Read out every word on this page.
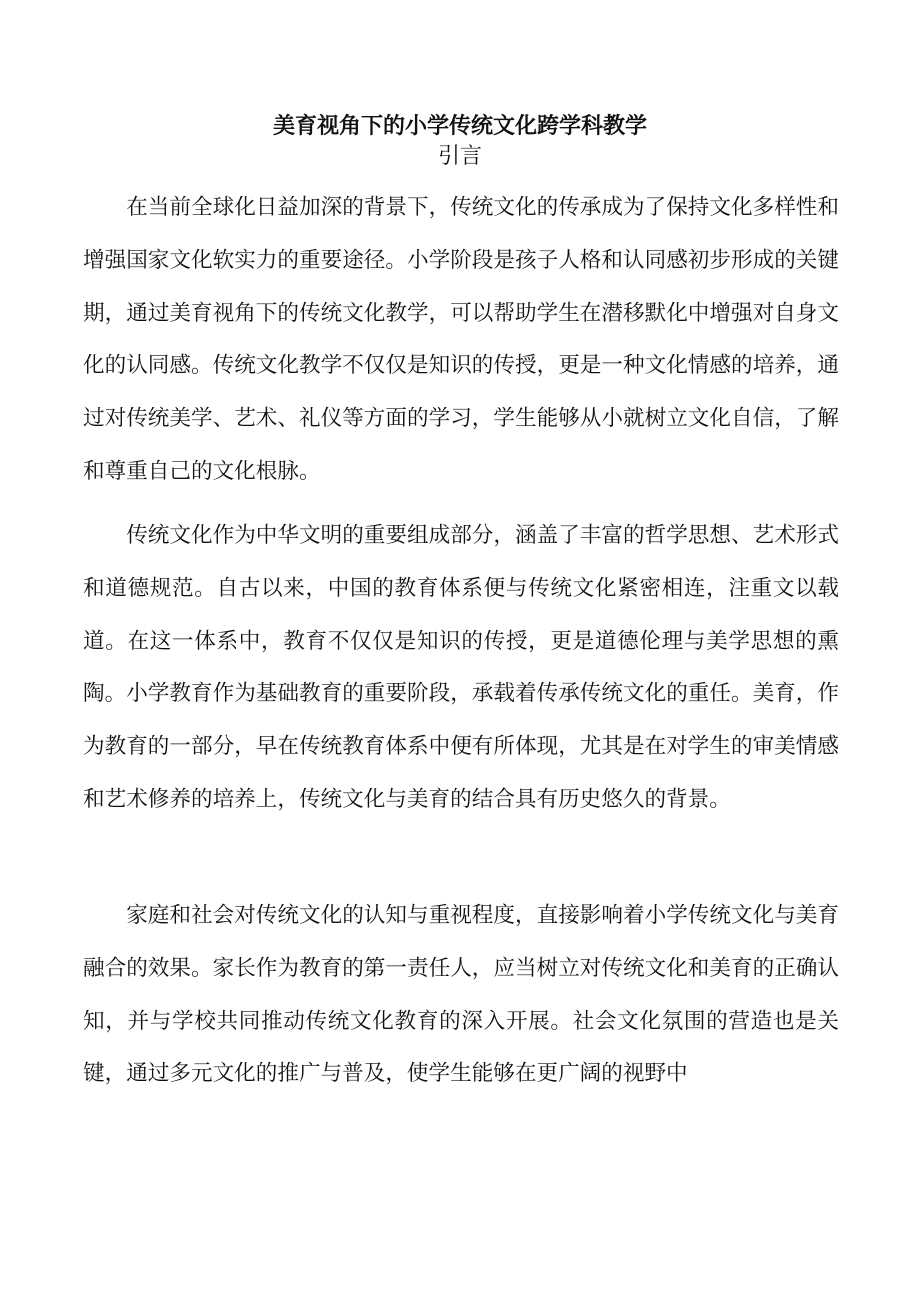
美育视角下的小学传统文化跨学科教学
引言

在当前全球化日益加深的背景下，传统文化的传承成为了保持文化多样性和增强国家文化软实力的重要途径。小学阶段是孩子人格和认同感初步形成的关键期，通过美育视角下的传统文化教学，可以帮助学生在潜移默化中增强对自身文化的认同感。传统文化教学不仅仅是知识的传授，更是一种文化情感的培养，通过对传统美学、艺术、礼仪等方面的学习，学生能够从小就树立文化自信，了解和尊重自己的文化根脉。

传统文化作为中华文明的重要组成部分，涵盖了丰富的哲学思想、艺术形式和道德规范。自古以来，中国的教育体系便与传统文化紧密相连，注重文以载道。在这一体系中，教育不仅仅是知识的传授，更是道德伦理与美学思想的熏陶。小学教育作为基础教育的重要阶段，承载着传承传统文化的重任。美育，作为教育的一部分，早在传统教育体系中便有所体现，尤其是在对学生的审美情感和艺术修养的培养上，传统文化与美育的结合具有历史悠久的背景。

家庭和社会对传统文化的认知与重视程度，直接影响着小学传统文化与美育融合的效果。家长作为教育的第一责任人，应当树立对传统文化和美育的正确认知，并与学校共同推动传统文化教育的深入开展。社会文化氛围的营造也是关键，通过多元文化的推广与普及，使学生能够在更广阔的视野中
